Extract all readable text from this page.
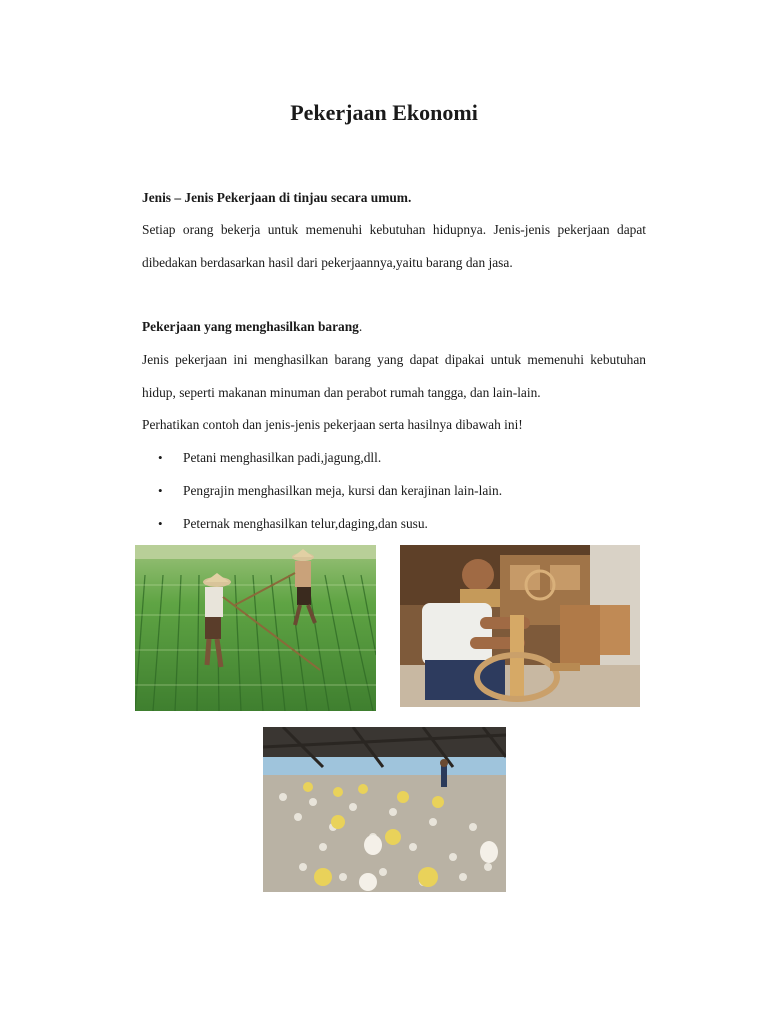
Pekerjaan Ekonomi

Jenis – Jenis Pekerjaan di tinjau secara umum.

Setiap orang bekerja untuk memenuhi kebutuhan hidupnya. Jenis-jenis pekerjaan dapat

dibedakan berdasarkan hasil dari pekerjaannya,yaitu barang dan jasa.

Pekerjaan yang menghasilkan barang.

Jenis pekerjaan ini menghasilkan barang yang dapat dipakai untuk memenuhi kebutuhan

hidup, seperti makanan minuman dan perabot rumah tangga, dan lain-lain.

Perhatikan contoh dan jenis-jenis pekerjaan serta hasilnya dibawah ini!

•	Petani menghasilkan padi,jagung,dll.
•	Pengrajin menghasilkan meja, kursi dan kerajinan lain-lain.
•	Peternak menghasilkan telur,daging,dan susu.
